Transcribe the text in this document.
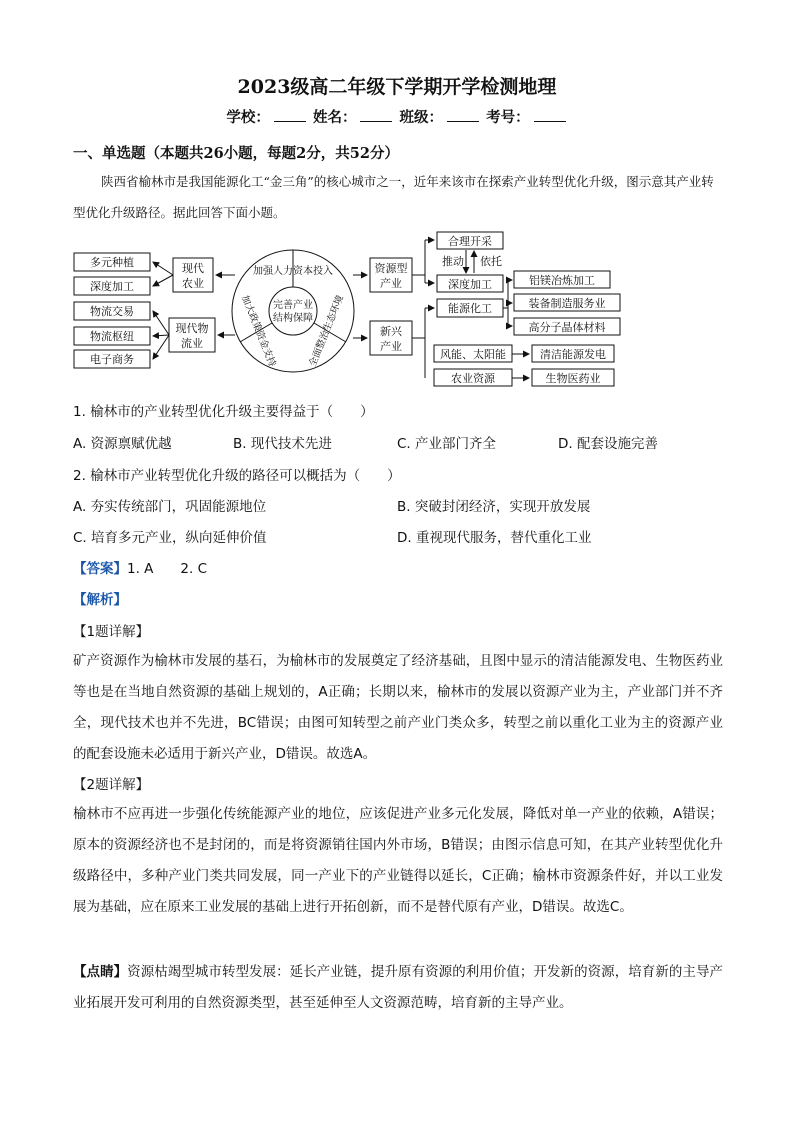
2023级高二年级下学期开学检测地理
学校：	姓名：	班级：	考号：
一、单选题（本题共26小题，每题2分，共52分）
陕西省榆林市是我国能源化工“金三角”的核心城市之一，近年来该市在探索产业转型优化升级，图示意其产业转型优化升级路径。据此回答下面小题。
多元种植
深度加工
物流交易
物流枢纽
电子商务
现代
农业
现代物
流业
完善产业
结构保障
加强人力资本投入
加大政策资金支持	全面整治生态环境
资源型
产业
新兴
产业
合理开采
推动 依托
深度加工
能源化工
铝镁冶炼加工
装备制造服务业
高分子晶体材料
风能、太阳能	清洁能源发电
农业资源	生物医药业
1. 榆林市的产业转型优化升级主要得益于（　　）
A. 资源禀赋优越	B. 现代技术先进	C. 产业部门齐全	D. 配套设施完善
2. 榆林市产业转型优化升级的路径可以概括为（　　）
A. 夯实传统部门，巩固能源地位	B. 突破封闭经济，实现开放发展
C. 培育多元产业，纵向延伸价值	D. 重视现代服务，替代重化工业
【答案】1. A　　2. C
【解析】
【1题详解】
矿产资源作为榆林市发展的基石，为榆林市的发展奠定了经济基础，且图中显示的清洁能源发电、生物医药业等也是在当地自然资源的基础上规划的，A正确；长期以来，榆林市的发展以资源产业为主，产业部门并不齐全，现代技术也并不先进，BC错误；由图可知转型之前产业门类众多，转型之前以重化工业为主的资源产业的配套设施未必适用于新兴产业，D错误。故选A。
【2题详解】
榆林市不应再进一步强化传统能源产业的地位，应该促进产业多元化发展，降低对单一产业的依赖，A错误；原本的资源经济也不是封闭的，而是将资源销往国内外市场，B错误；由图示信息可知，在其产业转型优化升级路径中，多种产业门类共同发展，同一产业下的产业链得以延长，C正确；榆林市资源条件好，并以工业发展为基础，应在原来工业发展的基础上进行开拓创新，而不是替代原有产业，D错误。故选C。
【点睛】资源枯竭型城市转型发展：延长产业链，提升原有资源的利用价值；开发新的资源，培育新的主导产业拓展开发可利用的自然资源类型，甚至延伸至人文资源范畴，培育新的主导产业。
